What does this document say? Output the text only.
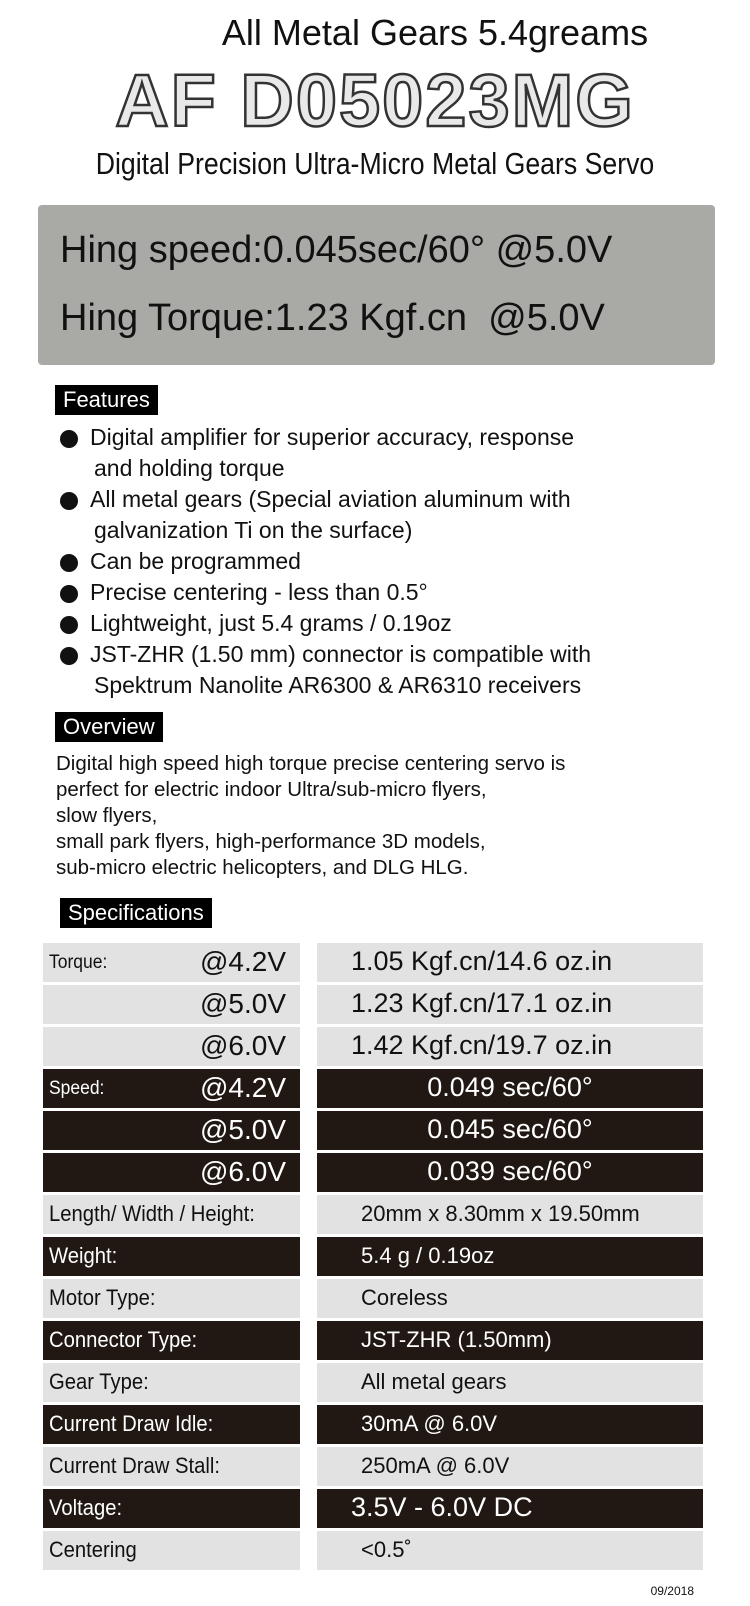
All Metal Gears 5.4greams
AF D05023MG
Digital Precision Ultra-Micro Metal Gears Servo
Hing speed:0.045sec/60° @5.0V
Hing Torque:1.23 Kgf.cn  @5.0V
Features
Digital amplifier for superior accuracy, response
and holding torque
All metal gears (Special aviation aluminum with
galvanization Ti on the surface)
Can be programmed
Precise centering - less than 0.5°
Lightweight, just 5.4 grams / 0.19oz
JST-ZHR (1.50 mm) connector is compatible with
Spektrum Nanolite AR6300 & AR6310 receivers
Overview
Digital high speed high torque precise centering servo is
perfect for electric indoor Ultra/sub-micro flyers,
slow flyers,
small park flyers, high-performance 3D models,
sub-micro electric helicopters, and DLG HLG.
Specifications
Torque:	@4.2V 1.05 Kgf.cn/14.6 oz.in
@5.0V 1.23 Kgf.cn/17.1 oz.in
@6.0V 1.42 Kgf.cn/19.7 oz.in
Speed:	@4.2V	0.049 sec/60°
@5.0V	0.045 sec/60°
@6.0V	0.039 sec/60°
Length/ Width / Height:	20mm x 8.30mm x 19.50mm
Weight:	5.4 g / 0.19oz
Motor Type:	Coreless
Connector Type:	JST-ZHR (1.50mm)
Gear Type:	All metal gears
Current Draw Idle:	30mA @ 6.0V
Current Draw Stall:	250mA @ 6.0V
Voltage:	3.5V - 6.0V DC
Centering	<0.5˚
09/2018
